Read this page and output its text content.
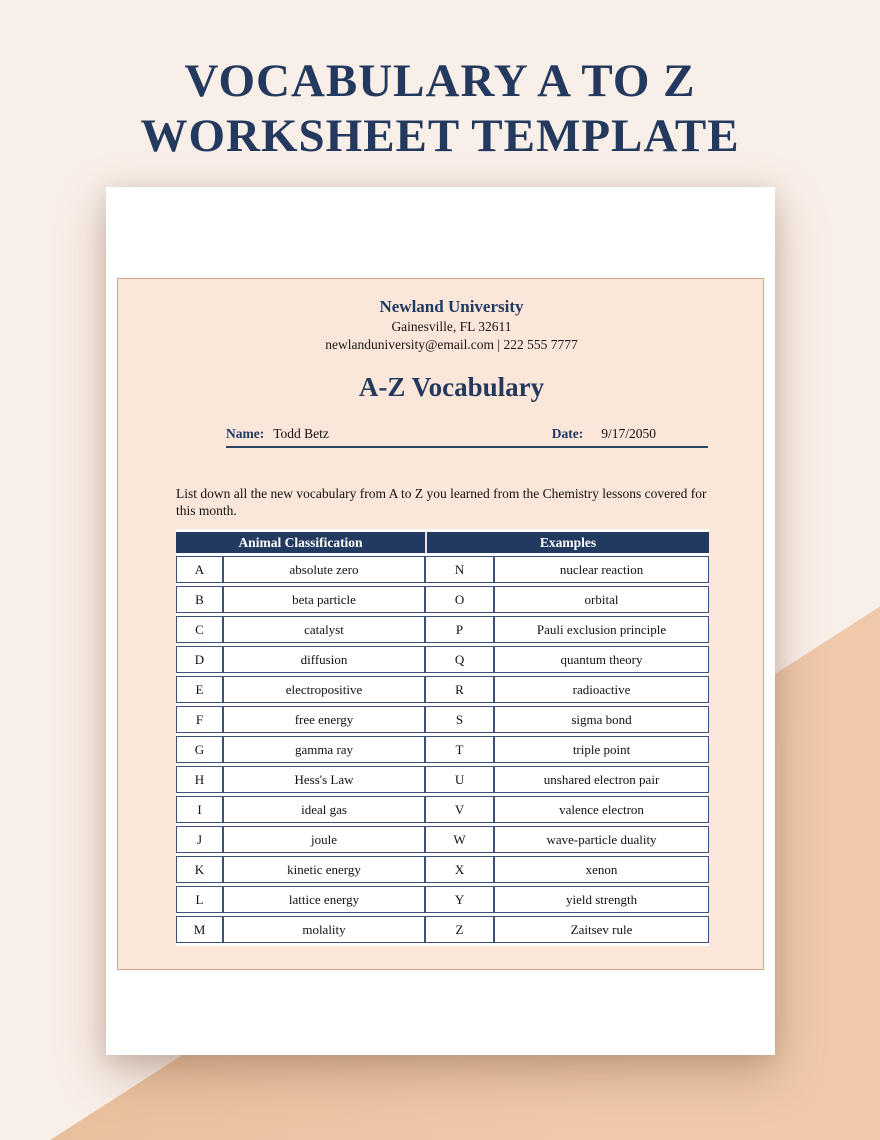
VOCABULARY A TO Z
WORKSHEET TEMPLATE
Newland University
Gainesville, FL 32611
newlanduniversity@email.com | 222 555 7777
A-Z Vocabulary
Name: Todd Betz	Date: 9/17/2050

List down all the new vocabulary from A to Z you learned from the Chemistry lessons covered for this month.

Animal Classification		Examples	
A	absolute zero	N	nuclear reaction
B	beta particle	O	orbital
C	catalyst	P	Pauli exclusion principle
D	diffusion	Q	quantum theory
E	electropositive	R	radioactive
F	free energy	S	sigma bond
G	gamma ray	T	triple point
H	Hess's Law	U	unshared electron pair
I	ideal gas	V	valence electron
J	joule	W	wave-particle duality
K	kinetic energy	X	xenon
L	lattice energy	Y	yield strength
M	molality	Z	Zaitsev rule
